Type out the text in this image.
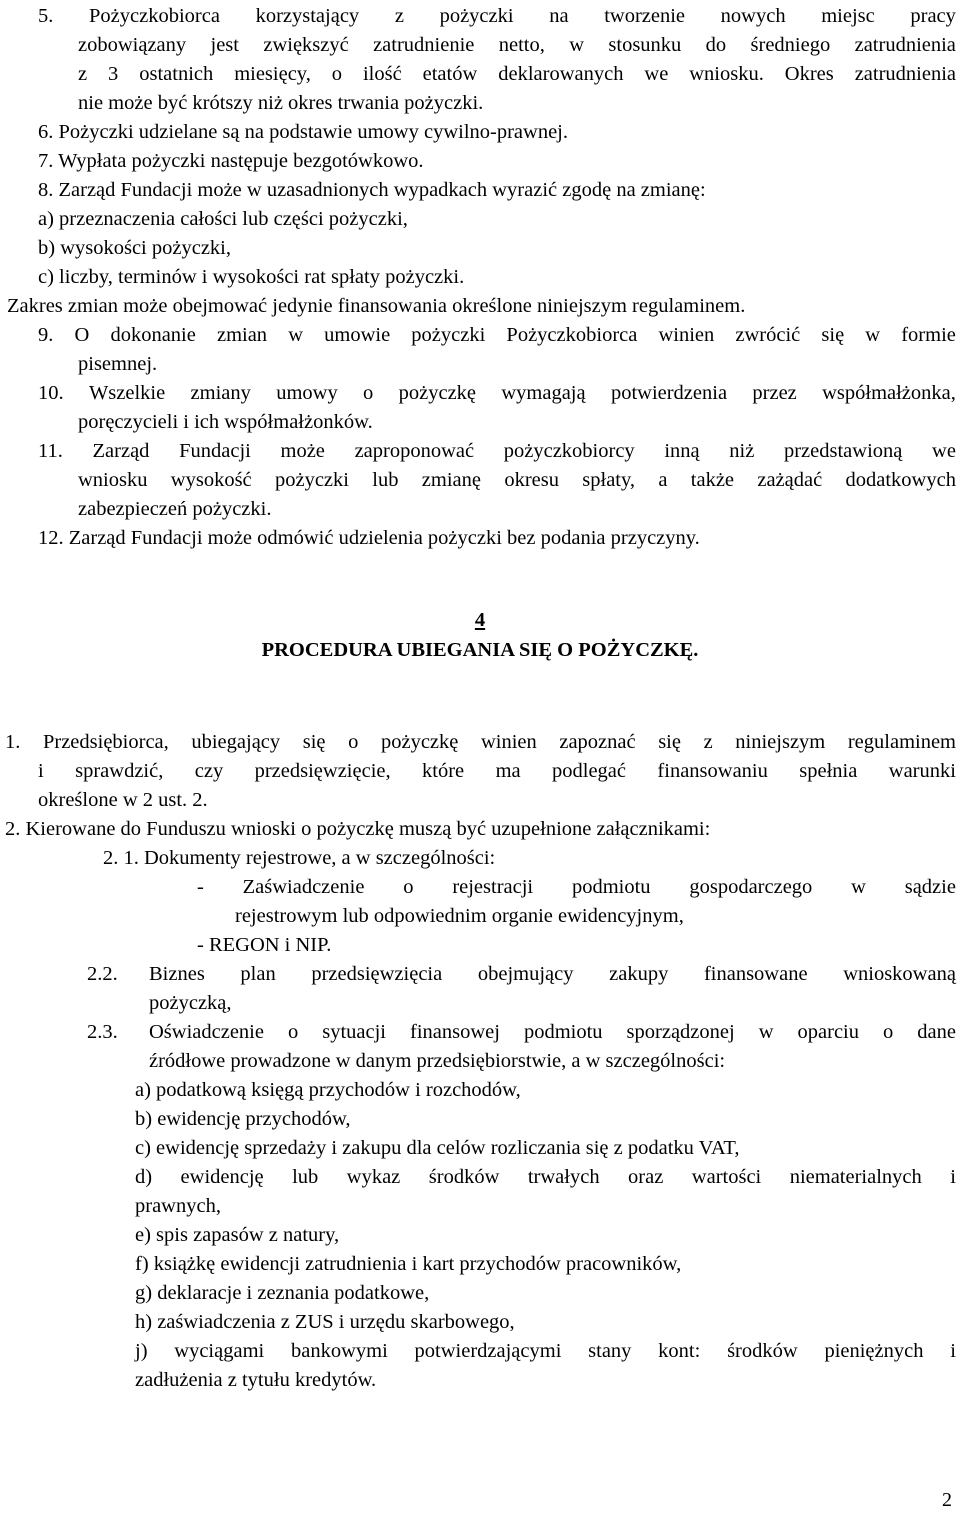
5. Pożyczkobiorca korzystający z pożyczki na tworzenie nowych miejsc pracy
zobowiązany jest zwiększyć zatrudnienie netto, w stosunku do średniego zatrudnienia
z 3 ostatnich miesięcy, o ilość etatów deklarowanych we wniosku. Okres zatrudnienia
nie może być krótszy niż okres trwania pożyczki.
6. Pożyczki udzielane są na podstawie umowy cywilno-prawnej.
7. Wypłata pożyczki następuje bezgotówkowo.
8. Zarząd Fundacji może w uzasadnionych wypadkach wyrazić zgodę na zmianę:
a) przeznaczenia całości lub części pożyczki,
b) wysokości pożyczki,
c) liczby, terminów i wysokości rat spłaty pożyczki.
Zakres zmian może obejmować jedynie finansowania określone niniejszym regulaminem.
9. O dokonanie zmian w umowie pożyczki Pożyczkobiorca winien zwrócić się w formie
pisemnej.
10. Wszelkie zmiany umowy o pożyczkę wymagają potwierdzenia przez współmałżonka,
poręczycieli i ich współmałżonków.
11. Zarząd Fundacji może zaproponować pożyczkobiorcy inną niż przedstawioną we
wniosku wysokość pożyczki lub zmianę okresu spłaty, a także zażądać dodatkowych
zabezpieczeń pożyczki.
12. Zarząd Fundacji może odmówić udzielenia pożyczki bez podania przyczyny.
1. Przedsiębiorca, ubiegający się o pożyczkę winien zapoznać się z niniejszym regulaminem
i sprawdzić, czy przedsięwzięcie, które ma podlegać finansowaniu spełnia warunki
określone w 2 ust. 2.
2. Kierowane do Funduszu wnioski o pożyczkę muszą być uzupełnione załącznikami:
2. 1. Dokumenty rejestrowe, a w szczególności:
- Zaświadczenie o rejestracji podmiotu gospodarczego w sądzie
rejestrowym lub odpowiednim organie ewidencyjnym,
- REGON i NIP.
2.2. Biznes plan przedsięwzięcia obejmujący zakupy finansowane wnioskowaną
pożyczką,
2.3. Oświadczenie o sytuacji finansowej podmiotu sporządzonej w oparciu o dane
źródłowe prowadzone w danym przedsiębiorstwie, a w szczególności:
a) podatkową księgą przychodów i rozchodów,
b) ewidencję przychodów,
c) ewidencję sprzedaży i zakupu dla celów rozliczania się z podatku VAT,
d) ewidencję lub wykaz środków trwałych oraz wartości niematerialnych i
prawnych,
e) spis zapasów z natury,
f) książkę ewidencji zatrudnienia i kart przychodów pracowników,
g) deklaracje i zeznania podatkowe,
h) zaświadczenia z ZUS i urzędu skarbowego,
j) wyciągami bankowymi potwierdzającymi stany kont: środków pieniężnych i
zadłużenia z tytułu kredytów.
4
PROCEDURA UBIEGANIA SIĘ O POŻYCZKĘ.
2
